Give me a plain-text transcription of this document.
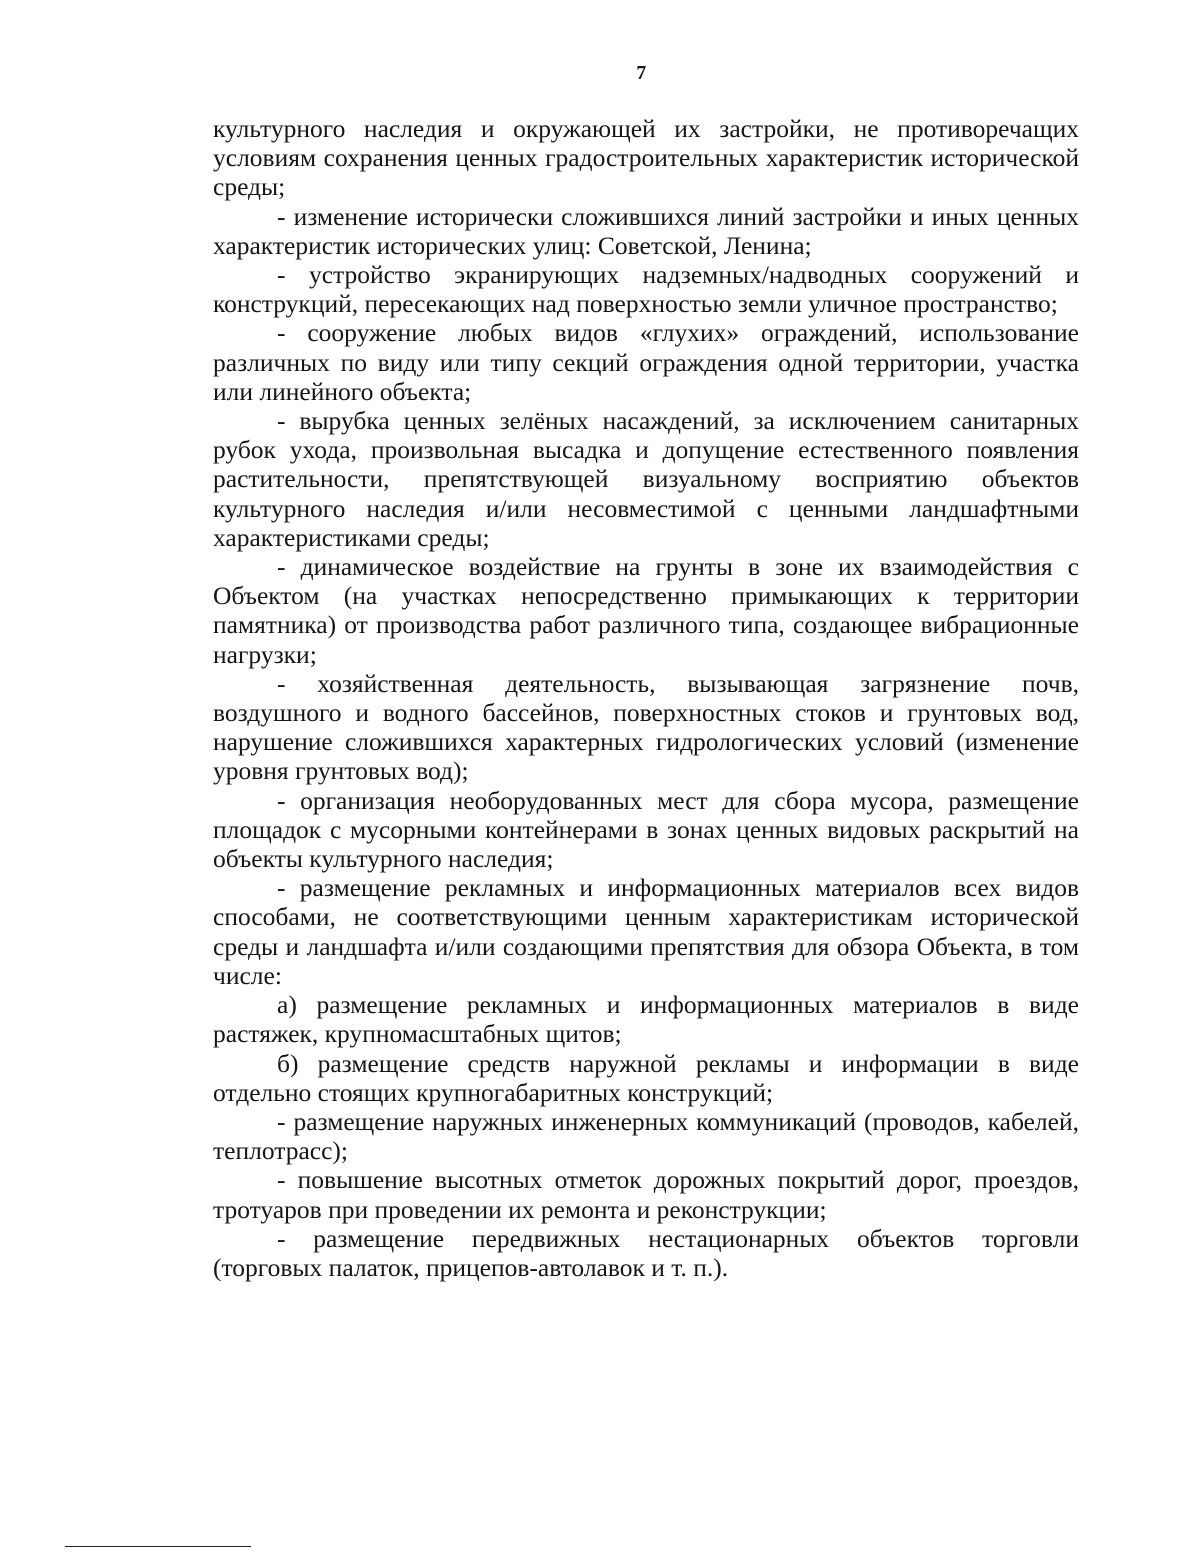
7

культурного наследия и окружающей их застройки, не противоречащих условиям сохранения ценных градостроительных характеристик исторической среды;

- изменение исторически сложившихся линий застройки и иных ценных характеристик исторических улиц: Советской, Ленина;

- устройство экранирующих надземных/надводных сооружений и конструкций, пересекающих над поверхностью земли уличное пространство;

- сооружение любых видов «глухих» ограждений, использование различных по виду или типу секций ограждения одной территории, участка или линейного объекта;

- вырубка ценных зелёных насаждений, за исключением санитарных рубок ухода, произвольная высадка и допущение естественного появления растительности, препятствующей визуальному восприятию объектов культурного наследия и/или несовместимой с ценными ландшафтными характеристиками среды;

- динамическое воздействие на грунты в зоне их взаимодействия с Объектом (на участках непосредственно примыкающих к территории памятника) от производства работ различного типа, создающее вибрационные нагрузки;

- хозяйственная деятельность, вызывающая загрязнение почв, воздушного и водного бассейнов, поверхностных стоков и грунтовых вод, нарушение сложившихся характерных гидрологических условий (изменение уровня грунтовых вод);

- организация необорудованных мест для сбора мусора, размещение площадок с мусорными контейнерами в зонах ценных видовых раскрытий на объекты культурного наследия;

- размещение рекламных и информационных материалов всех видов способами, не соответствующими ценным характеристикам исторической среды и ландшафта и/или создающими препятствия для обзора Объекта, в том числе:

а) размещение рекламных и информационных материалов в виде растяжек, крупномасштабных щитов;

б) размещение средств наружной рекламы и информации в виде отдельно стоящих крупногабаритных конструкций;

- размещение наружных инженерных коммуникаций (проводов, кабелей, теплотрасс);

- повышение высотных отметок дорожных покрытий дорог, проездов, тротуаров при проведении их ремонта и реконструкции;

- размещение передвижных нестационарных объектов торговли (торговых палаток, прицепов-автолавок и т. п.).
